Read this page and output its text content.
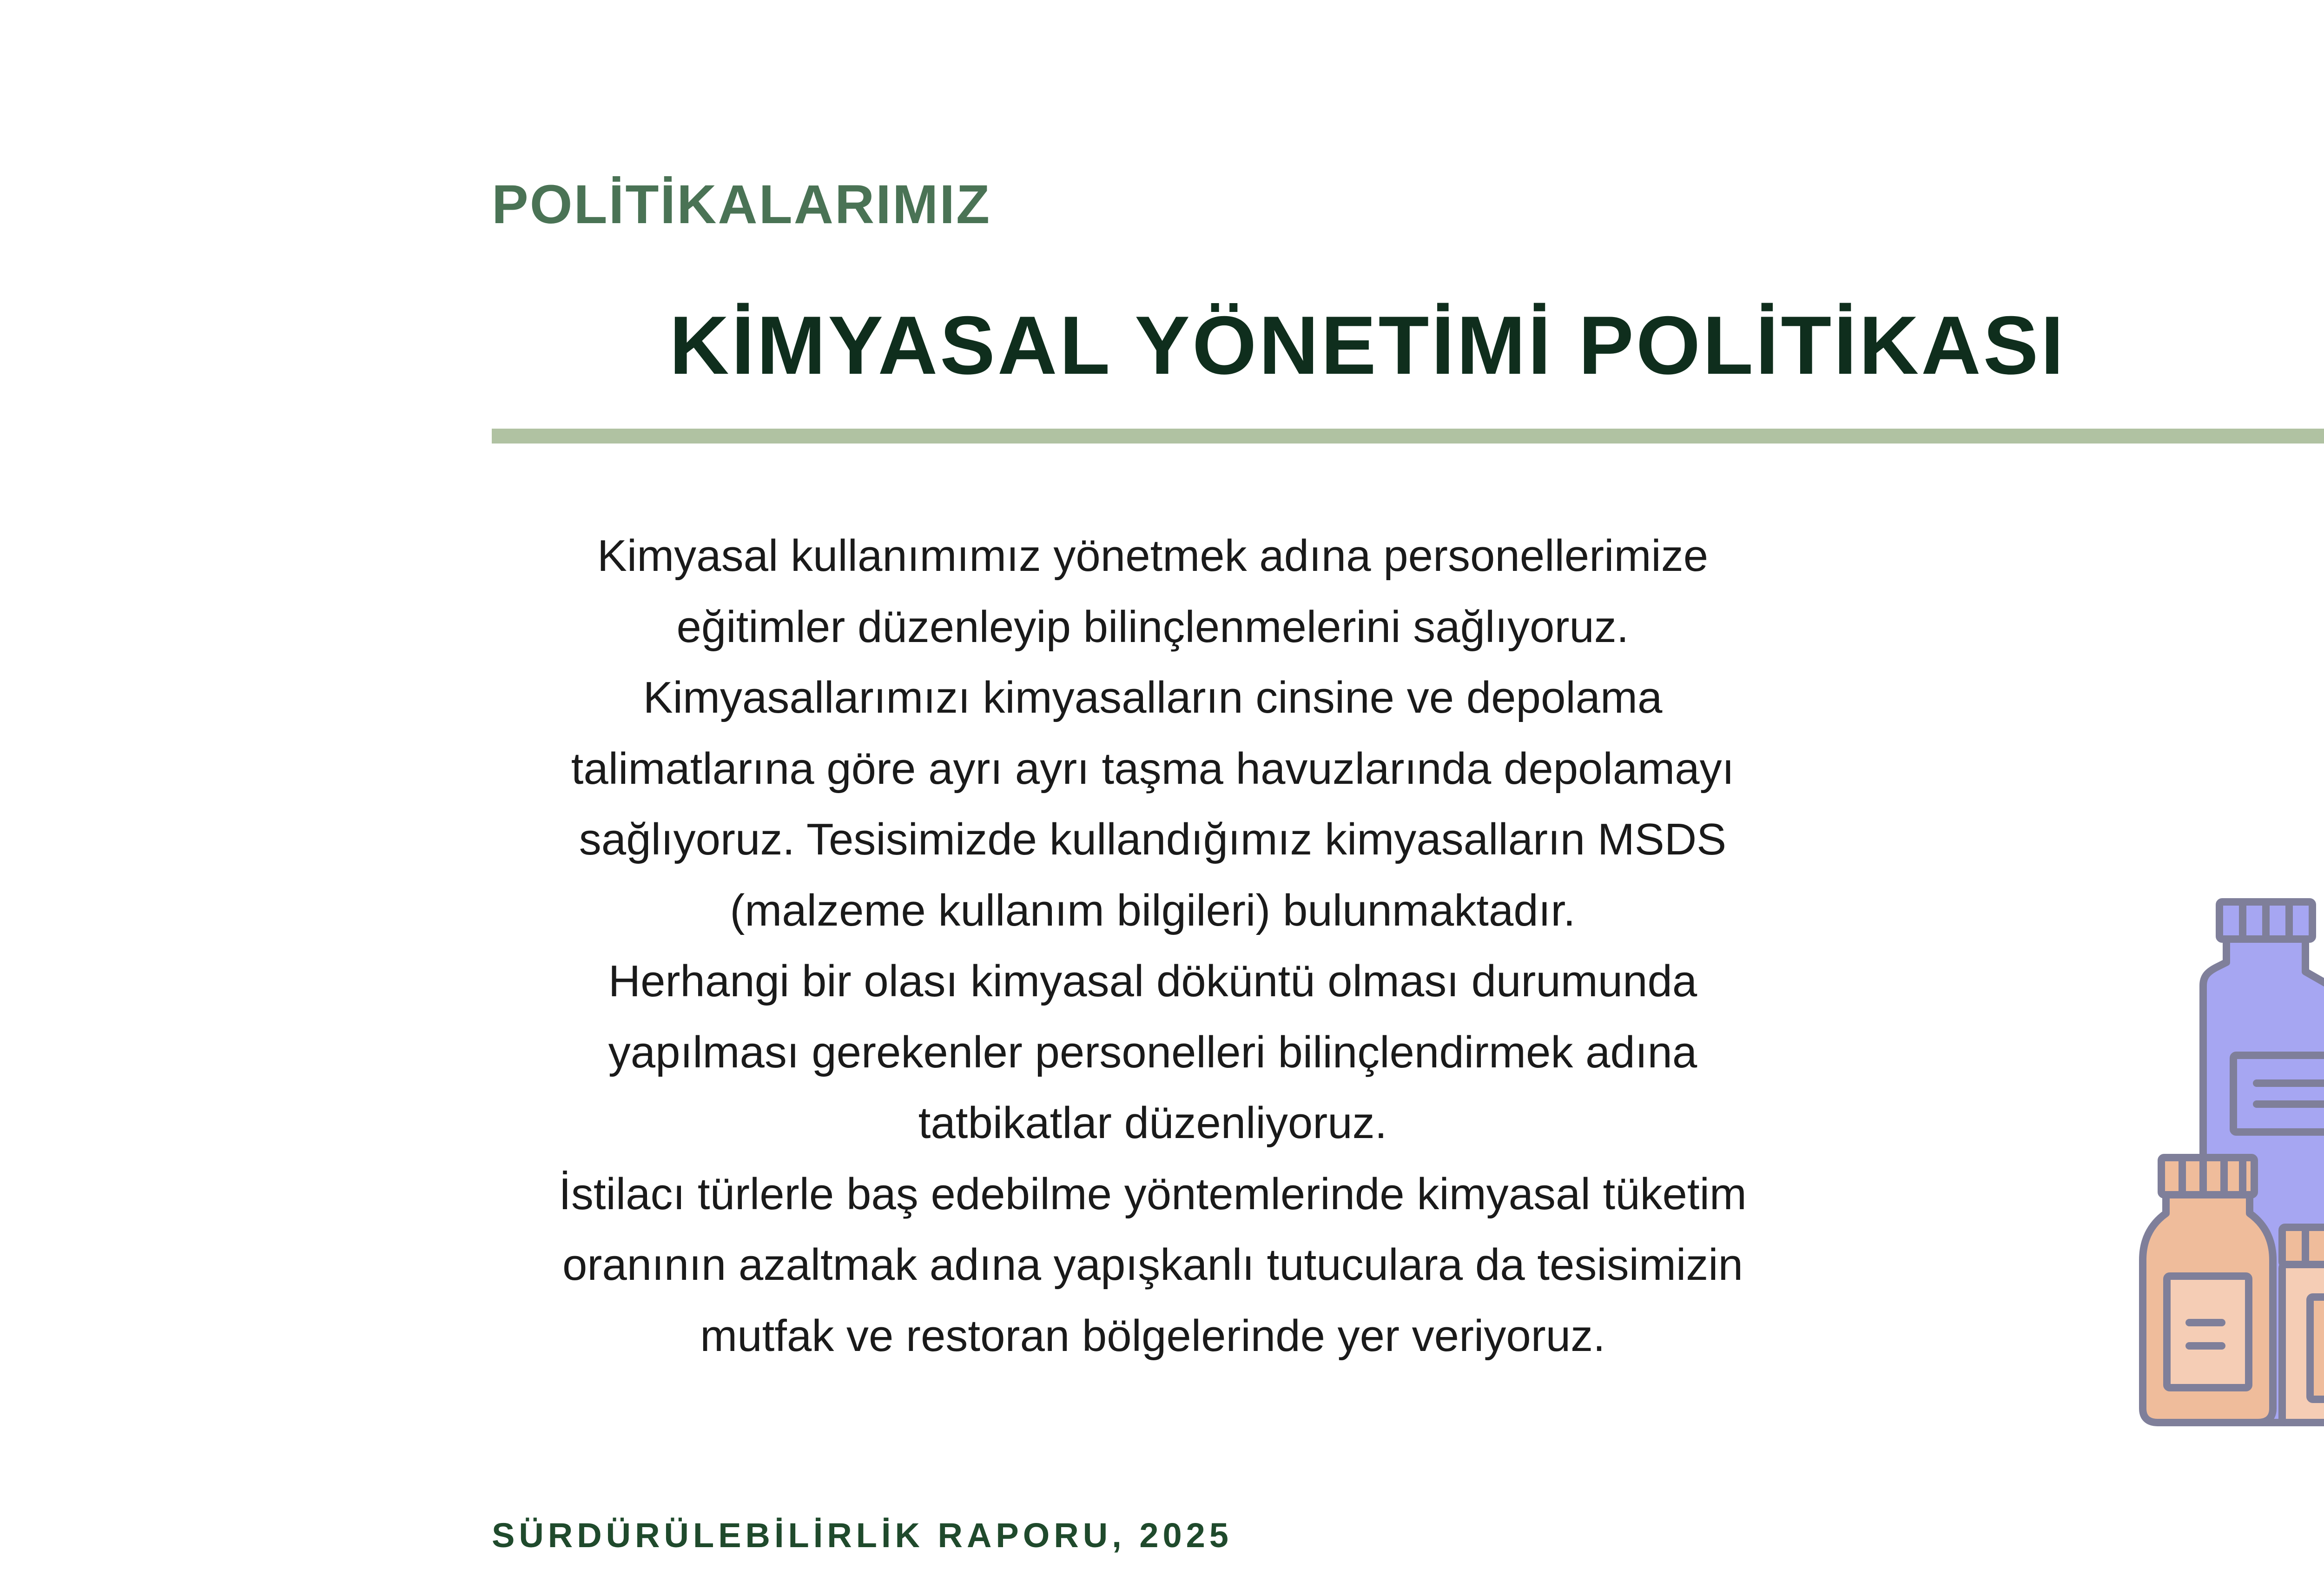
POLİTİKALARIMIZ
KİMYASAL YÖNETİMİ POLİTİKASI
Kimyasal kullanımımız yönetmek adına personellerimize
eğitimler düzenleyip bilinçlenmelerini sağlıyoruz.
Kimyasallarımızı kimyasalların cinsine ve depolama
talimatlarına göre ayrı ayrı taşma havuzlarında depolamayı
sağlıyoruz. Tesisimizde kullandığımız kimyasalların MSDS
(malzeme kullanım bilgileri) bulunmaktadır.
Herhangi bir olası kimyasal döküntü olması durumunda
yapılması gerekenler personelleri bilinçlendirmek adına
tatbikatlar düzenliyoruz.
İstilacı türlerle baş edebilme yöntemlerinde kimyasal tüketim
oranının azaltmak adına yapışkanlı tutuculara da tesisimizin
mutfak ve restoran bölgelerinde yer veriyoruz.
SÜRDÜRÜLEBİLİRLİK RAPORU, 2025
